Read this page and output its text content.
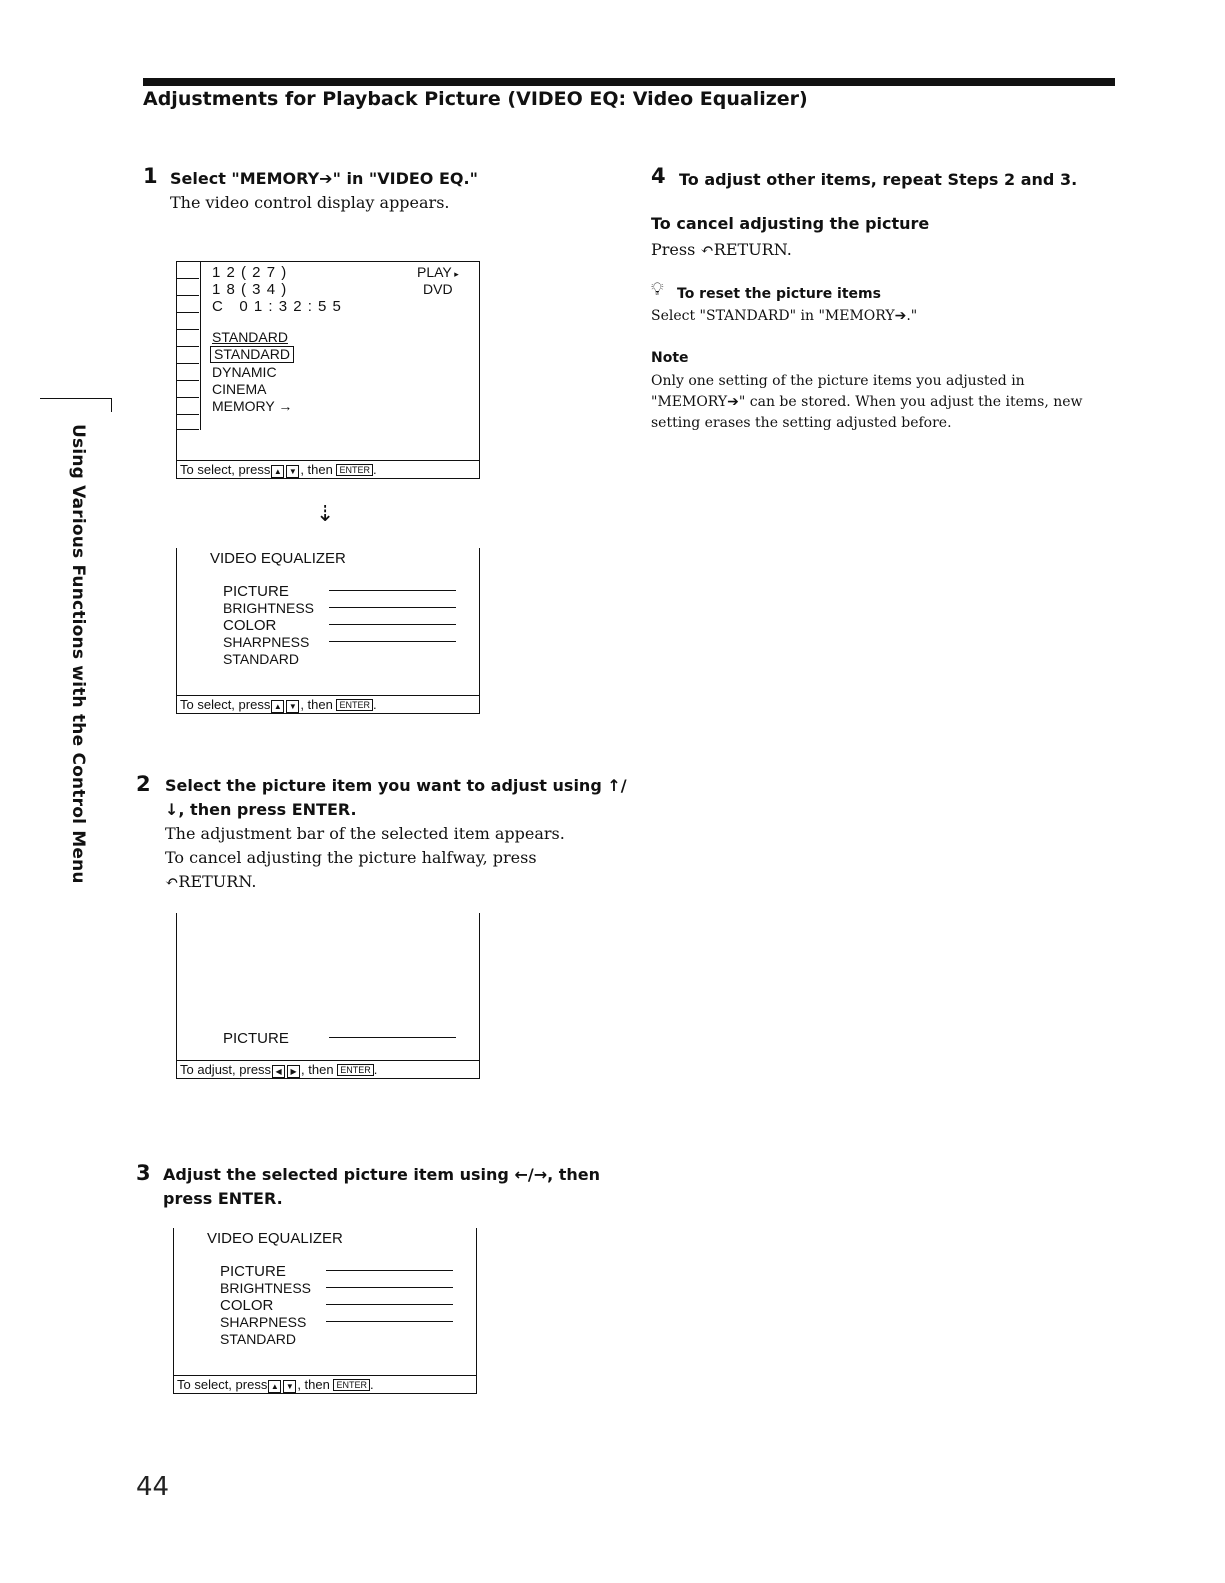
Adjustments for Playback Picture (VIDEO EQ: Video Equalizer)
Using Various Functions with the Control Menu
1 Select "MEMORY➔" in "VIDEO EQ."
The video control display appears.
1 2 ( 2 7 )
1 8 ( 3 4 )
C   0 1 : 3 2 : 5 5
PLAY ▸
DVD
STANDARD
STANDARD
DYNAMIC
CINEMA
MEMORY →
To select, press ▲ ▼ , then ENTER .
⇣
VIDEO EQUALIZER
PICTURE
BRIGHTNESS
COLOR
SHARPNESS
STANDARD
To select, press ▲ ▼ , then ENTER .
2 Select the picture item you want to adjust using ↑/
↓, then press ENTER.
The adjustment bar of the selected item appears.
To cancel adjusting the picture halfway, press
↶RETURN.
PICTURE
To adjust, press ◀ ▶ , then ENTER .
3 Adjust the selected picture item using ←/→, then
press ENTER.
VIDEO EQUALIZER
PICTURE
BRIGHTNESS
COLOR
SHARPNESS
STANDARD
To select, press ▲ ▼ , then ENTER .
4 To adjust other items, repeat Steps 2 and 3.
To cancel adjusting the picture
Press ↶RETURN.
💡︎ To reset the picture items
Select "STANDARD" in "MEMORY➔."
Note
Only one setting of the picture items you adjusted in
"MEMORY➔" can be stored. When you adjust the items, new
setting erases the setting adjusted before.
44
